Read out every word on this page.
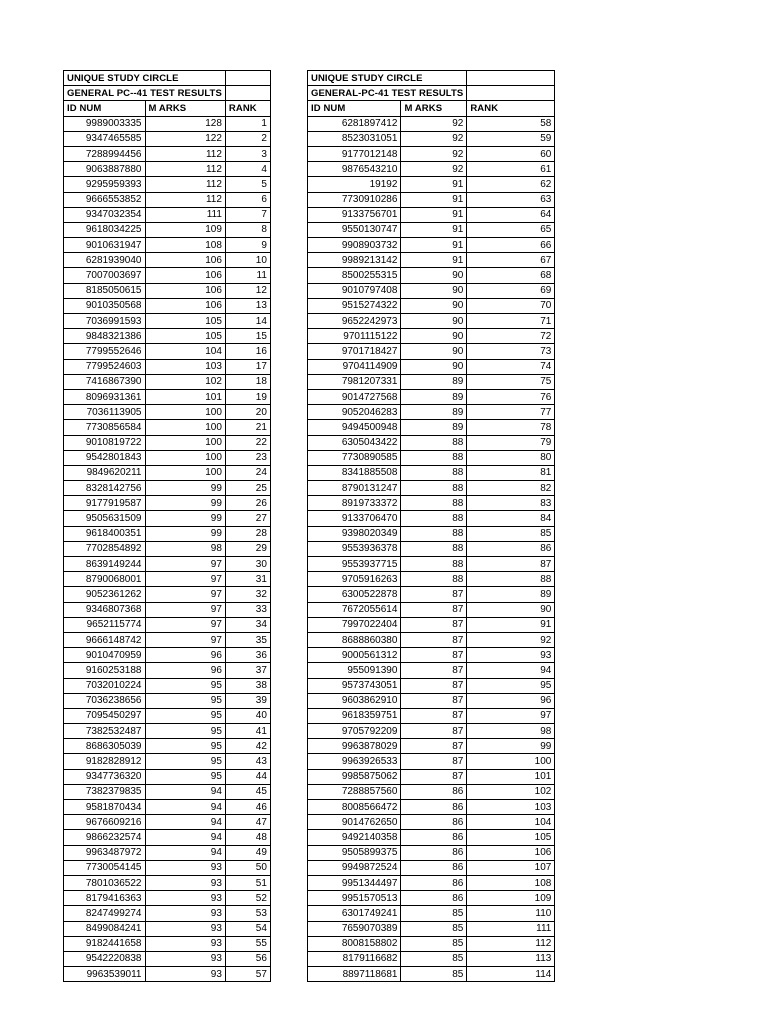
UNIQUE STUDY CIRCLE		
GENERAL PC--41 TEST RESULTS		
ID NUM	M ARKS	RANK
9989003335	128	1
9347465585	122	2
7288994456	112	3
9063887880	112	4
9295959393	112	5
9666553852	112	6
9347032354	111	7
9618034225	109	8
9010631947	108	9
6281939040	106	10
7007003697	106	11
8185050615	106	12
9010350568	106	13
7036991593	105	14
9848321386	105	15
7799552646	104	16
7799524603	103	17
7416867390	102	18
8096931361	101	19
7036113905	100	20
7730856584	100	21
9010819722	100	22
9542801843	100	23
9849620211	100	24
8328142756	99	25
9177919587	99	26
9505631509	99	27
9618400351	99	28
7702854892	98	29
8639149244	97	30
8790068001	97	31
9052361262	97	32
9346807368	97	33
9652115774	97	34
9666148742	97	35
9010470959	96	36
9160253188	96	37
7032010224	95	38
7036238656	95	39
7095450297	95	40
7382532487	95	41
8686305039	95	42
9182828912	95	43
9347736320	95	44
7382379835	94	45
9581870434	94	46
9676609216	94	47
9866232574	94	48
9963487972	94	49
7730054145	93	50
7801036522	93	51
8179416363	93	52
8247499274	93	53
8499084241	93	54
9182441658	93	55
9542220838	93	56
9963539011	93	57
UNIQUE STUDY CIRCLE		
GENERAL-PC-41 TEST RESULTS		
ID NUM	M ARKS	RANK
6281897412	92	58
8523031051	92	59
9177012148	92	60
9876543210	92	61
19192	91	62
7730910286	91	63
9133756701	91	64
9550130747	91	65
9908903732	91	66
9989213142	91	67
8500255315	90	68
9010797408	90	69
9515274322	90	70
9652242973	90	71
9701115122	90	72
9701718427	90	73
9704114909	90	74
7981207331	89	75
9014727568	89	76
9052046283	89	77
9494500948	89	78
6305043422	88	79
7730890585	88	80
8341885508	88	81
8790131247	88	82
8919733372	88	83
9133706470	88	84
9398020349	88	85
9553936378	88	86
9553937715	88	87
9705916263	88	88
6300522878	87	89
7672055614	87	90
7997022404	87	91
8688860380	87	92
9000561312	87	93
955091390	87	94
9573743051	87	95
9603862910	87	96
9618359751	87	97
9705792209	87	98
9963878029	87	99
9963926533	87	100
9985875062	87	101
7288857560	86	102
8008566472	86	103
9014762650	86	104
9492140358	86	105
9505899375	86	106
9949872524	86	107
9951344497	86	108
9951570513	86	109
6301749241	85	110
7659070389	85	111
8008158802	85	112
8179116682	85	113
8897118681	85	114
